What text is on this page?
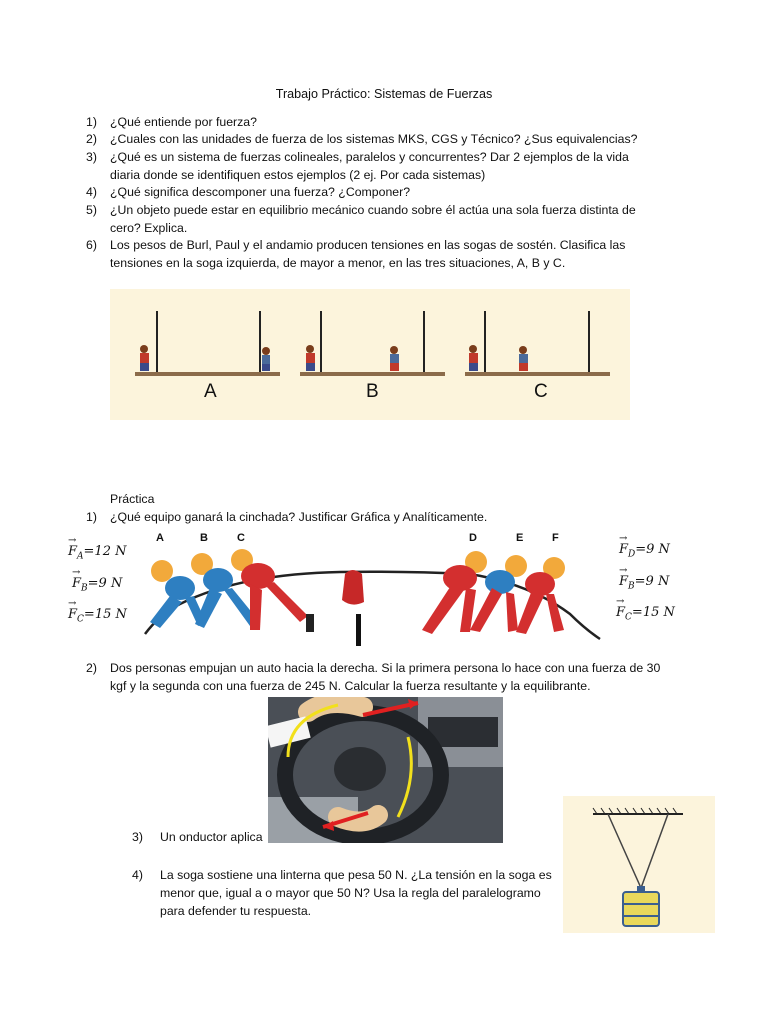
Trabajo Práctico: Sistemas de Fuerzas
1)	¿Qué entiende por fuerza?
2)	¿Cuales con las unidades de fuerza de los sistemas MKS, CGS y Técnico? ¿Sus equivalencias?
3)	¿Qué es un sistema de fuerzas colineales, paralelos y concurrentes? Dar 2 ejemplos de la vida diaria donde se identifiquen estos ejemplos (2 ej. Por cada sistemas)
4)	¿Qué significa descomponer una fuerza? ¿Componer?
5)	¿Un objeto puede estar en equilibrio mecánico cuando sobre él actúa una sola fuerza distinta de cero? Explica.
6)	Los pesos de Burl, Paul y el andamio producen tensiones en las sogas de sostén. Clasifica las tensiones en la soga izquierda, de mayor a menor, en las tres situaciones, A, B y C.
A	B	C
Práctica
1) ¿Qué equipo ganará la cinchada? Justificar Gráfica y Analíticamente.
A	B	C	D	E	F
→ $F_A=12$ N
→ $F_B=9$ N
→ $F_C=15$ N
→ $F_D=9$ N
→ $F_B=9$ N
→ $F_C=15$ N
2) Dos personas empujan un auto hacia la derecha. Si la primera persona lo hace con una fuerza de 30 kgf y la segunda con una fuerza de 245 N. Calcular la fuerza resultante y la equilibrante.
3) Un onductor aplica
4) La soga sostiene una linterna que pesa 50 N. ¿La tensión en la soga es menor que, igual a o mayor que 50 N? Usa la regla del paralelogramo para defender tu respuesta.
